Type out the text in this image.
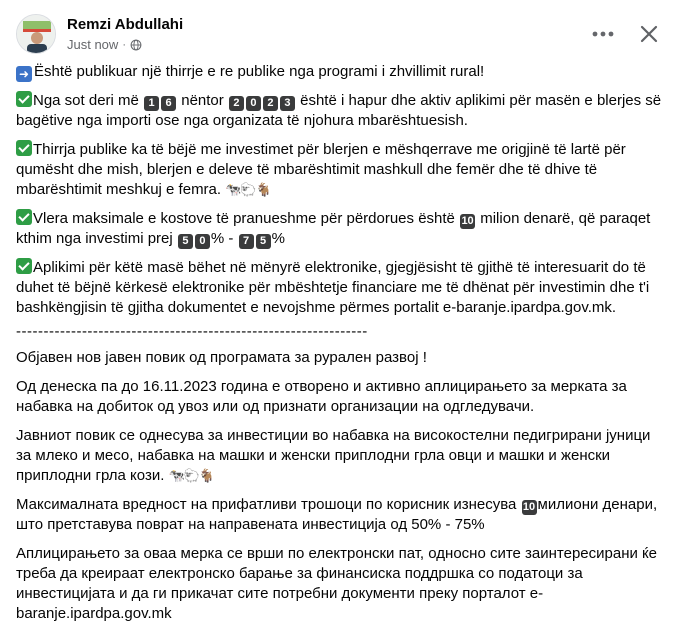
Remzi Abdullahi
Just now ·

➜ Është publikuar një thirrje e re publike nga programi i zhvillimit rural!

Nga sot deri më 1 6 nëntor 2 0 2 3 është i hapur dhe aktiv aplikimi për masën e blerjes së bagëtive nga importi ose nga organizata të njohura mbarështuesish.

Thirrja publike ka të bëjë me investimet për blerjen e mëshqerrave me origjinë të lartë për qumësht dhe mish, blerjen e deleve të mbarështimit mashkull dhe femër dhe të dhive të mbarështimit meshkuj e femra. 🐄🐑🐐

Vlera maksimale e kostove të pranueshme për përdorues është 10 milion denarë, që paraqet kthim nga investimi prej 5 0 % - 7 5 %

Aplikimi për këtë masë bëhet në mënyrë elektronike, gjegjësisht të gjithë të interesuarit do të duhet të bëjnë kërkesë elektronike për mbështetje financiare me të dhënat për investimin dhe t'i bashkëngjisin të gjitha dokumentet e nevojshme përmes portalit e-baranje.ipardpa.gov.mk.

----------------------------------------------------------------

Објавен нов јавен повик од програмата за рурален развој !

Од денеска па до 16.11.2023 година е отворено и активно аплицирањето за мерката за набавка на добиток од увоз или од признати организации на одгледувачи.

Јавниот повик се однесува за инвестиции во набавка на високостелни педигрирани јуници за млеко и месо, набавка на машки и женски приплодни грла овци и машки и женски приплодни грла кози. 🐄🐑🐐

Максималната вредност на прифатливи трошоци по корисник изнесува 10 милиони денари, што претставува поврат на направената инвестиција од 50% - 75%

Аплицирањето за оваа мерка се врши по електронски пат, односно сите заинтересирани ќе треба да креираат електронско барање за финансиска поддршка со податоци за инвестицијата и да ги прикачат сите потребни документи преку порталот e-baranje.ipardpa.gov.mk
